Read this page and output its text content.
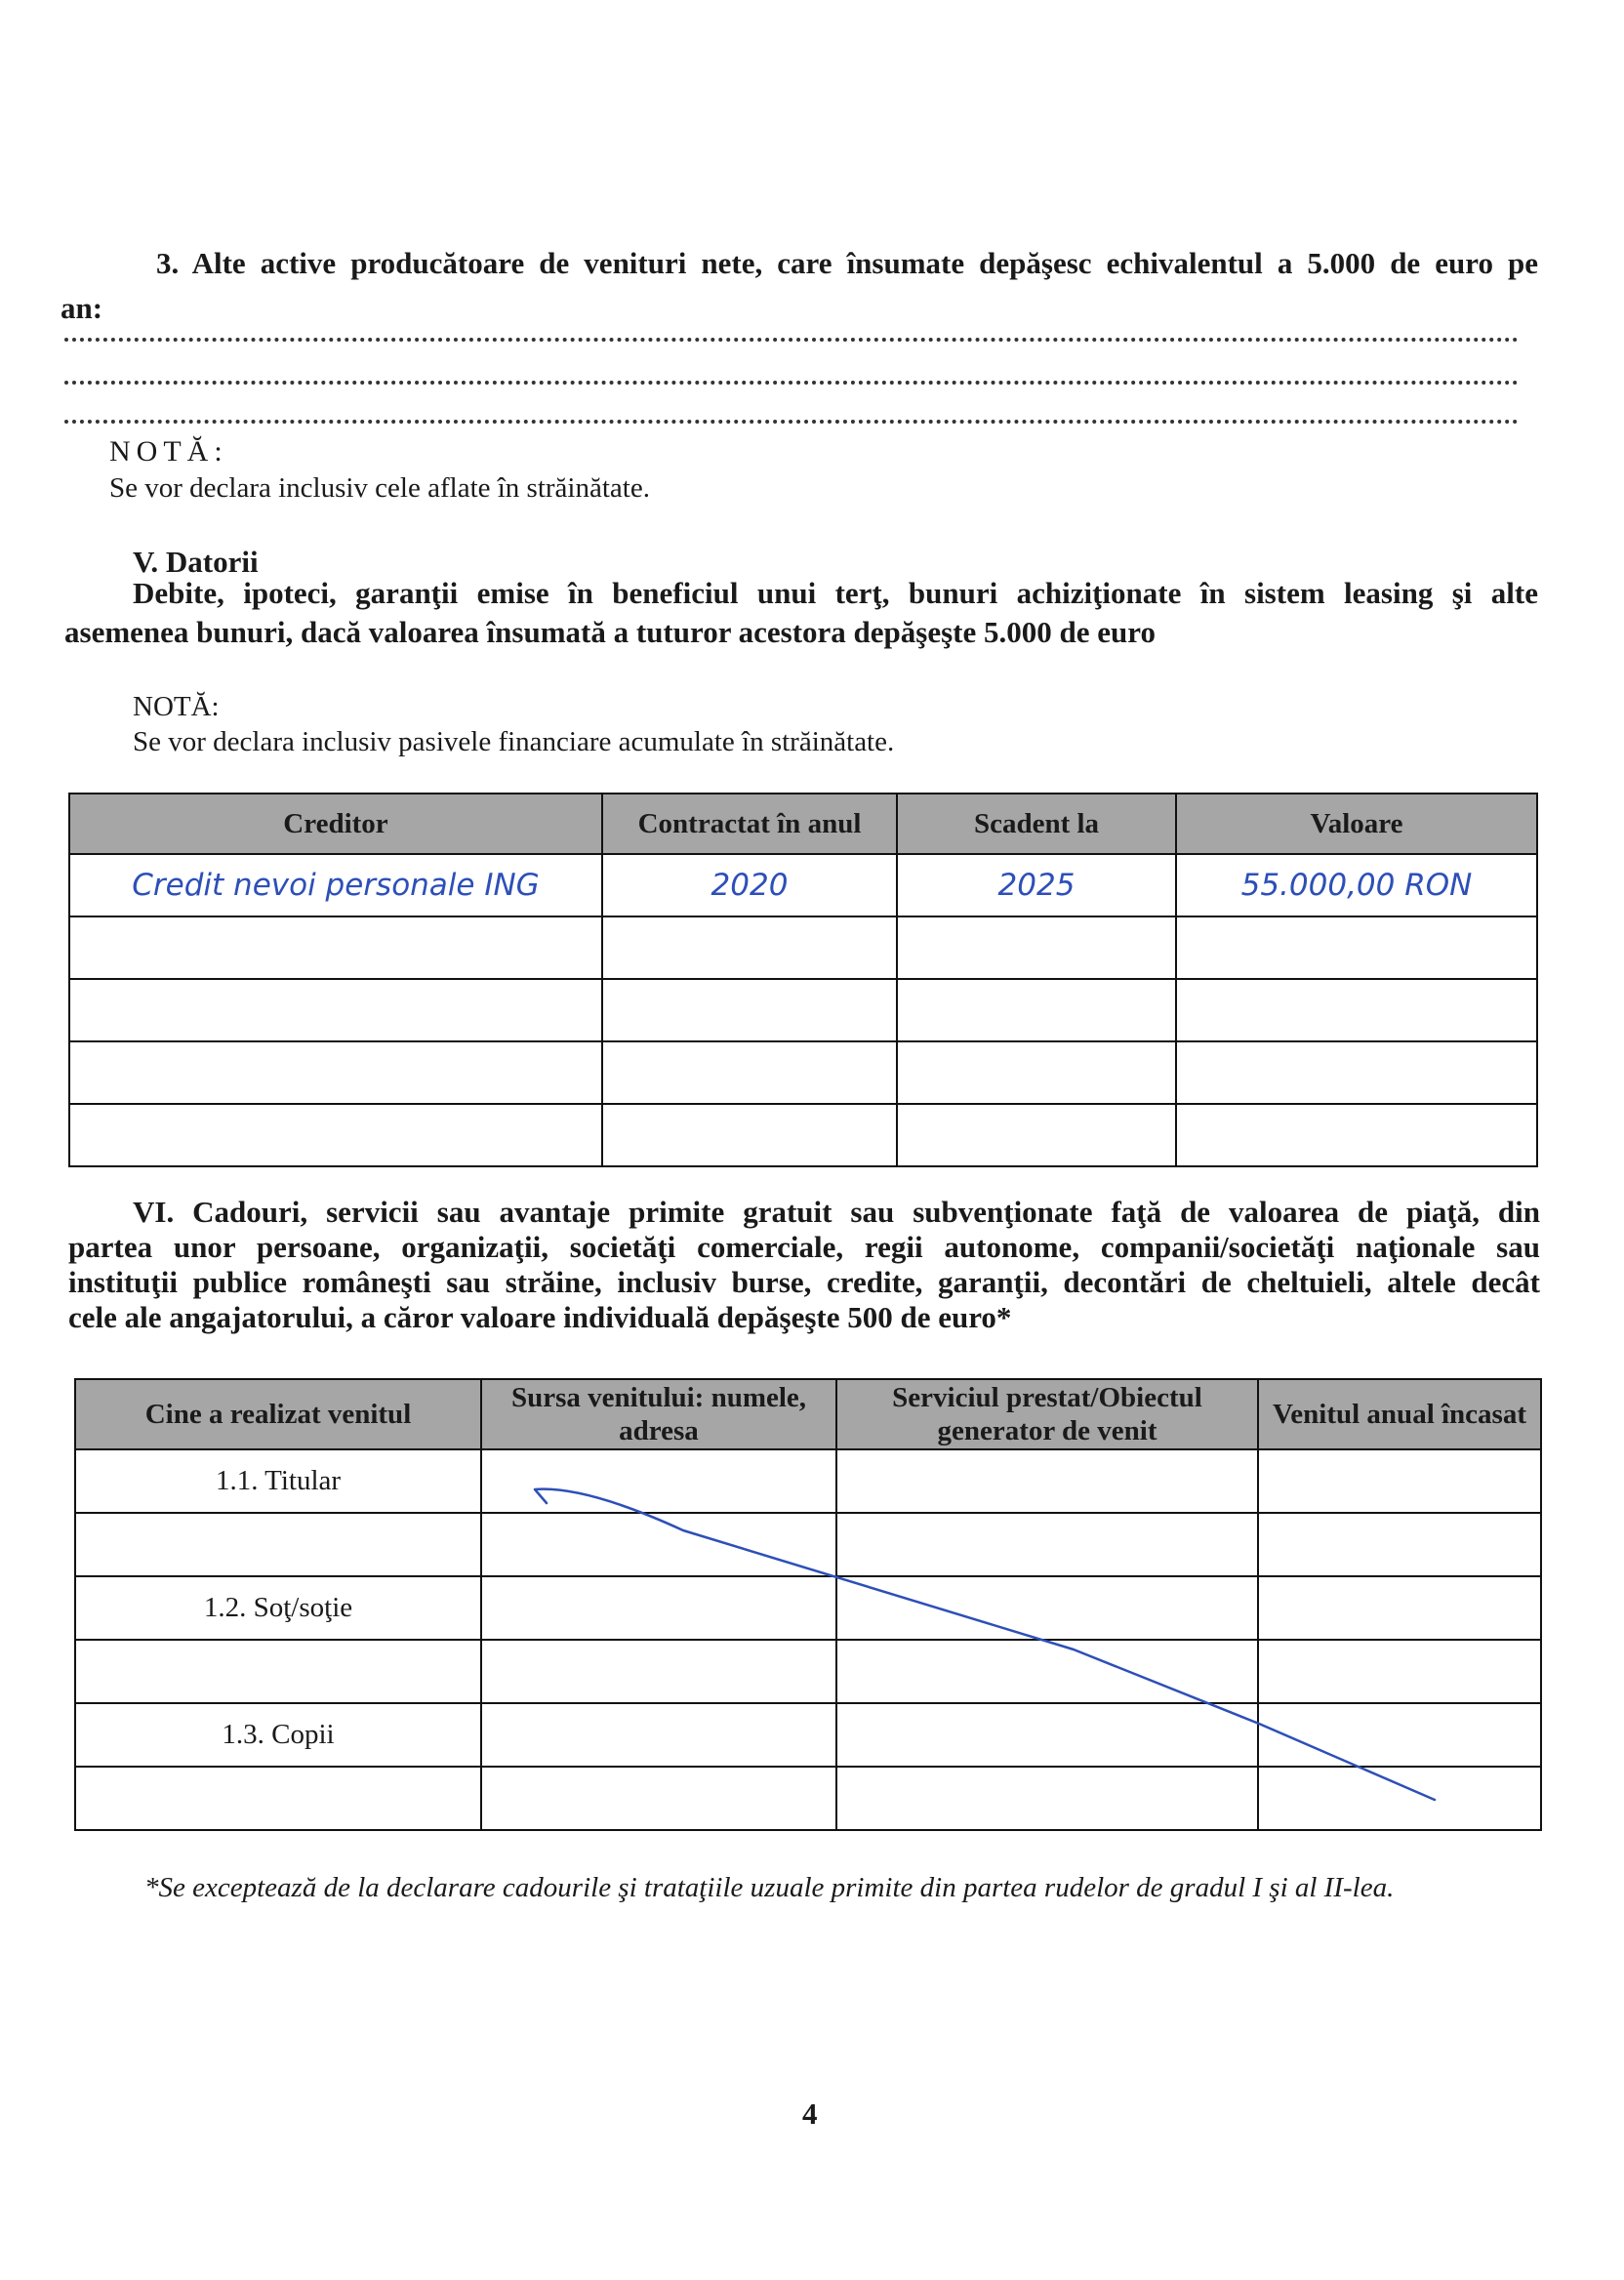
3. Alte active producătoare de venituri nete, care însumate depăşesc echivalentul a 5.000 de euro pe
an:
NOTĂ:
Se vor declara inclusiv cele aflate în străinătate.
V. Datorii
Debite, ipoteci, garanţii emise în beneficiul unui terţ, bunuri achiziţionate în sistem leasing şi alte
asemenea bunuri, dacă valoarea însumată a tuturor acestora depăşeşte 5.000 de euro
NOTĂ:
Se vor declara inclusiv pasivele financiare acumulate în străinătate.
Creditor	Contractat în anul	Scadent la	Valoare
Credit nevoi personale ING	2020	2025	55.000,00 RON

VI. Cadouri, servicii sau avantaje primite gratuit sau subvenţionate faţă de valoarea de piaţă, din
partea unor persoane, organizaţii, societăţi comerciale, regii autonome, companii/societăţi naţionale sau
instituţii publice româneşti sau străine, inclusiv burse, credite, garanţii, decontări de cheltuieli, altele decât
cele ale angajatorului, a căror valoare individuală depăşeşte 500 de euro*
Cine a realizat venitul	Sursa venitului: numele, adresa	Serviciul prestat/Obiectul generator de venit	Venitul anual încasat
1.1. Titular			

1.2. Soţ/soţie			

1.3. Copii			

*Se exceptează de la declarare cadourile şi trataţiile uzuale primite din partea rudelor de gradul I şi al II-lea.
4
